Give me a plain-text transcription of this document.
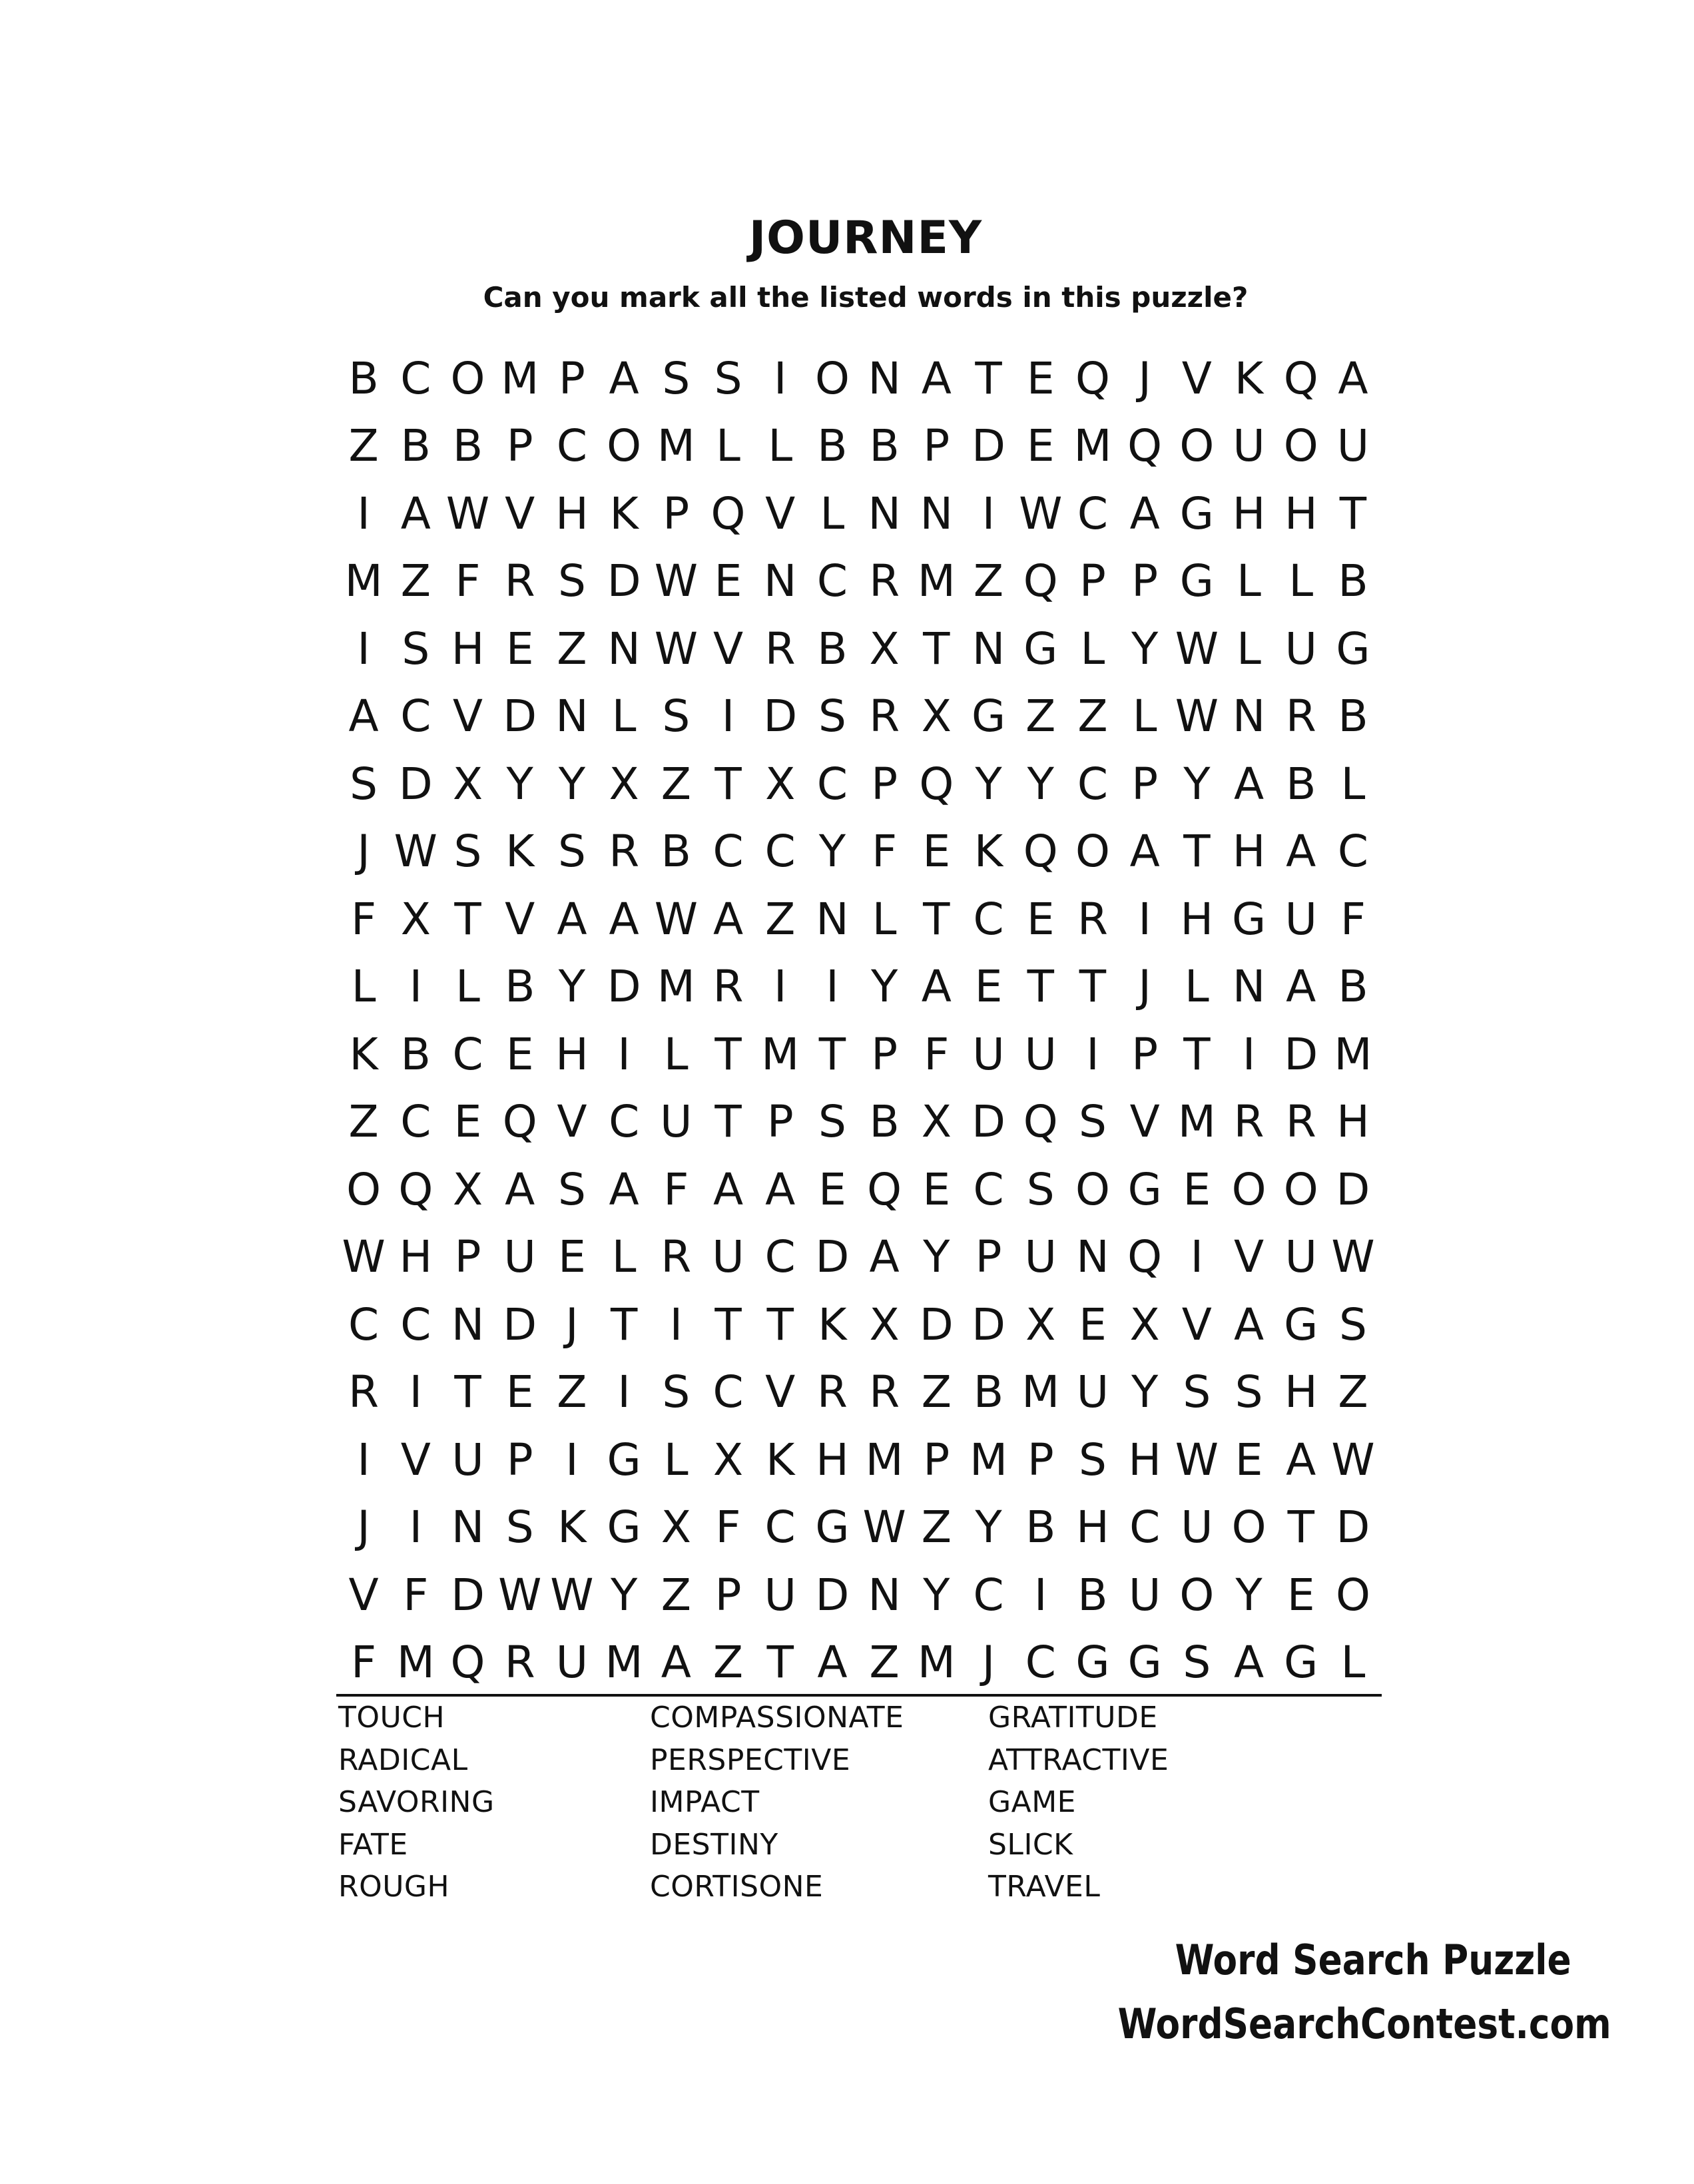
JOURNEY
Can you mark all the listed words in this puzzle?
B C O M P A S S I O N A T E Q J V K Q A
Z B B P C O M L L B B P D E M Q O U O U
I A W V H K P Q V L N N I W C A G H H T
M Z F R S D W E N C R M Z Q P P G L L B
I S H E Z N W V R B X T N G L Y W L U G
A C V D N L S I D S R X G Z Z L W N R B
S D X Y Y X Z T X C P Q Y Y C P Y A B L
J W S K S R B C C Y F E K Q O A T H A C
F X T V A A W A Z N L T C E R I H G U F
L I L B Y D M R I I Y A E T T J L N A B
K B C E H I L T M T P F U U I P T I D M
Z C E Q V C U T P S B X D Q S V M R R H
O Q X A S A F A A E Q E C S O G E O O D
W H P U E L R U C D A Y P U N Q I V U W
C C N D J T I T T K X D D X E X V A G S
R I T E Z I S C V R R Z B M U Y S S H Z
I V U P I G L X K H M P M P S H W E A W
J I N S K G X F C G W Z Y B H C U O T D
V F D W W Y Z P U D N Y C I B U O Y E O
F M Q R U M A Z T A Z M J C G G S A G L
TOUCH
RADICAL
SAVORING
FATE
ROUGH
COMPASSIONATE
PERSPECTIVE
IMPACT
DESTINY
CORTISONE
GRATITUDE
ATTRACTIVE
GAME
SLICK
TRAVEL
Word Search Puzzle
WordSearchContest.com
